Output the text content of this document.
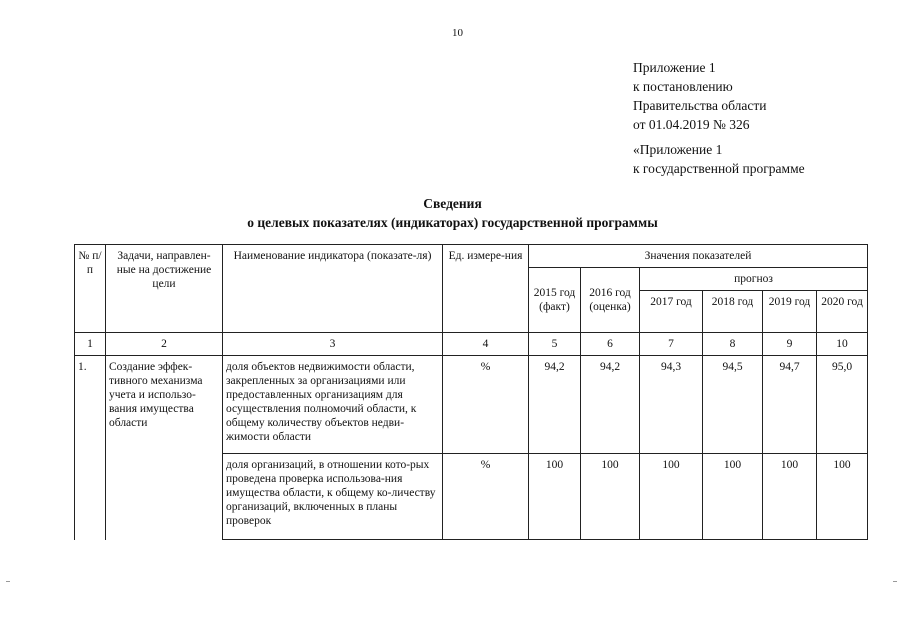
10
Приложение 1
к постановлению
Правительства области
от 01.04.2019 № 326
«Приложение 1
к государственной программе
Сведения
о целевых показателях (индикаторах) государственной программы
№ п/п	Задачи, направлен-ные на достижение цели	Наименование индикатора (показате-ля)	Ед. измере-ния	Значения показателей					
				2015 год (факт)	2016 год (оценка)	прогноз			
						2017 год	2018 год	2019 год	2020 год
1	2	3	4	5	6	7	8	9	10
1.	Создание эффек-тивного механизма учета и использо-вания имущества области	доля объектов недвижимости области, закрепленных за организациями или предоставленных организациям для осуществления полномочий области, к общему количеству объектов недви-жимости области	%	94,2	94,2	94,3	94,5	94,7	95,0
		доля организаций, в отношении кото-рых проведена проверка использова-ния имущества области, к общему ко-личеству организаций, включенных в планы проверок	%	100	100	100	100	100	100
